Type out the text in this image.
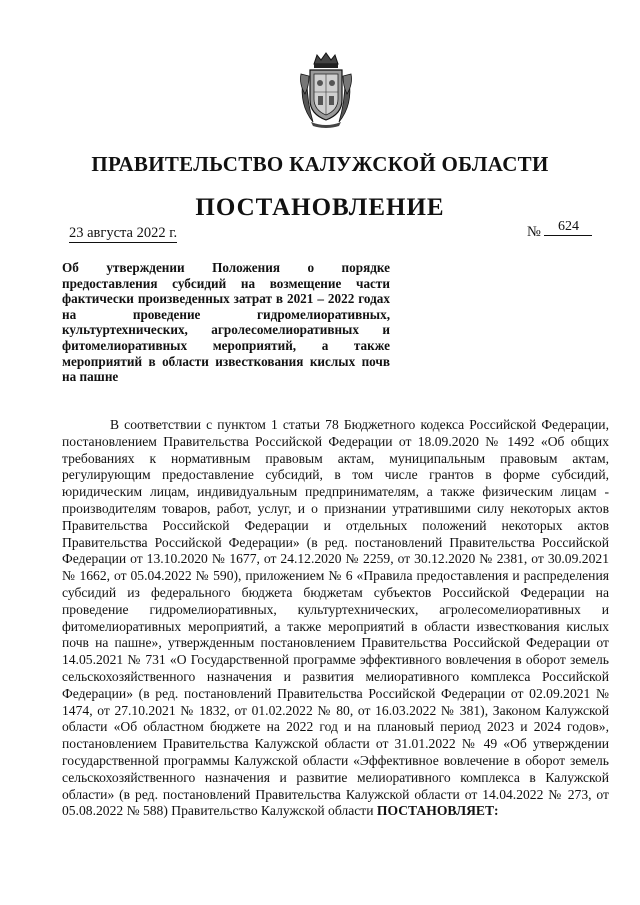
ПРАВИТЕЛЬСТВО КАЛУЖСКОЙ ОБЛАСТИ
ПОСТАНОВЛЕНИЕ
23 августа 2022 г.	№ 624
Об утверждении Положения о порядке предоставления субсидий на возмещение части фактически произведенных затрат в 2021 – 2022 годах на проведение гидромелиоративных, культуртехнических, агролесомелиоративных и фитомелиоративных мероприятий, а также мероприятий в области известкования кислых почв на пашне
В соответствии с пунктом 1 статьи 78 Бюджетного кодекса Российской Федерации, постановлением Правительства Российской Федерации от 18.09.2020 № 1492 «Об общих требованиях к нормативным правовым актам, муниципальным правовым актам, регулирующим предоставление субсидий, в том числе грантов в форме субсидий, юридическим лицам, индивидуальным предпринимателям, а также физическим лицам - производителям товаров, работ, услуг, и о признании утратившими силу некоторых актов Правительства Российской Федерации и отдельных положений некоторых актов Правительства Российской Федерации» (в ред. постановлений Правительства Российской Федерации от 13.10.2020 № 1677, от 24.12.2020 № 2259, от 30.12.2020 № 2381, от 30.09.2021 № 1662, от 05.04.2022 № 590), приложением № 6 «Правила предоставления и распределения субсидий из федерального бюджета бюджетам субъектов Российской Федерации на проведение гидромелиоративных, культуртехнических, агролесомелиоративных и фитомелиоративных мероприятий, а также мероприятий в области известкования кислых почв на пашне», утвержденным постановлением Правительства Российской Федерации от 14.05.2021 № 731 «О Государственной программе эффективного вовлечения в оборот земель сельскохозяйственного назначения и развития мелиоративного комплекса Российской Федерации» (в ред. постановлений Правительства Российской Федерации от 02.09.2021 № 1474, от 27.10.2021 № 1832, от 01.02.2022 № 80, от 16.03.2022 № 381), Законом Калужской области «Об областном бюджете на 2022 год и на плановый период 2023 и 2024 годов», постановлением Правительства Калужской области от 31.01.2022 № 49 «Об утверждении государственной программы Калужской области «Эффективное вовлечение в оборот земель сельскохозяйственного назначения и развитие мелиоративного комплекса в Калужской области» (в ред. постановлений Правительства Калужской области от 14.04.2022 № 273, от 05.08.2022 № 588) Правительство Калужской области ПОСТАНОВЛЯЕТ:
